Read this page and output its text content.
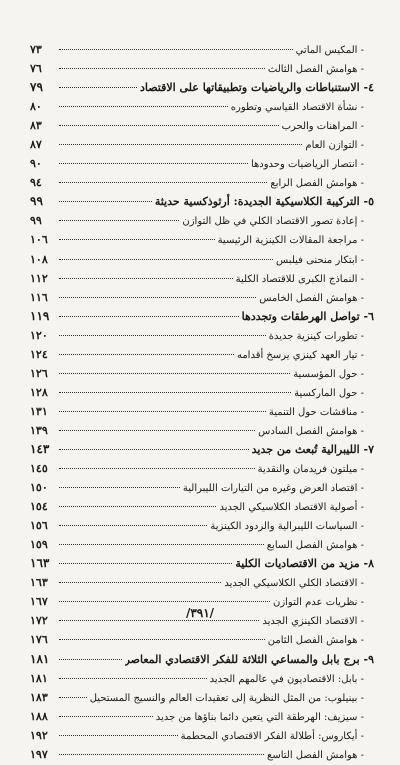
- المكيس الماتي
٧٣
- هوامش الفصل الثالث
٧٦
٤- الاستنباطات والرياضيات وتطبيقاتها على الاقتصاد
٧٩
- نشأة الاقتصاد القياسي وتطوره
٨٠
- المراهنات والحرب
٨٣
- التوازن العام
٨٧
- انتصار الرياضيات وحدودها
٩٠
- هوامش الفصل الرابع
٩٤
٥- التركيبة الكلاسيكية الجديدة: أرثوذكسية حديثة
٩٩
- إعادة تصور الاقتصاد الكلي في ظل التوازن
٩٩
- مراجعة المقالات الكينزية الرئيسية
١٠٦
- ابتكار منحنى فيلبس
١٠٨
- النماذج الكبرى للاقتصاد الكلية
١١٢
- هوامش الفصل الخامس
١١٦
٦- تواصل الهرطقات وتجددها
١١٩
- تطورات كينزية جديدة
١٢٠
- تيار العهد كينزي يرسخ أقدامه
١٢٤
- حول المؤسسية
١٢٦
- حول الماركسية
١٢٨
- مناقشات حول التنمية
١٣١
- هوامش الفصل السادس
١٣٩
٧- الليبرالية تُبعث من جديد
١٤٣
- ميلتون فريدمان والنقدية
١٤٥
- اقتصاد العرض وغيره من التيارات الليبرالية
١٥٠
- أصولية الاقتصاد الكلاسيكي الجديد
١٥٤
- السياسات الليبرالية والردود الكينزية
١٥٦
- هوامش الفصل السابع
١٥٩
٨- مزيد من الاقتصاديات الكلية
١٦٣
- الاقتصاد الكلي الكلاسيكي الجديد
١٦٣
- نظريات عدم التوازن
١٦٧
- الاقتصاد الكينزي الجديد
١٧٢
- هوامش الفصل الثامن
١٧٦
٩- برج بابل والمساعي الثلاثة للفكر الاقتصادي المعاصر
١٨١
- بابل: الاقتصاديون في عالمهم الجديد
١٨١
- بينيلوب: من المثل النظرية إلى تعقيدات العالم والنسيج المستحيل
١٨٣
- سيزيف: الهرطقة التي يتعين دائما بناؤها من جديد
١٨٨
- أيكاروس: أطلالة الفكر الاقتصادي المحطمة
١٩٢
- هوامش الفصل التاسع
١٩٧
/٣٩١/
